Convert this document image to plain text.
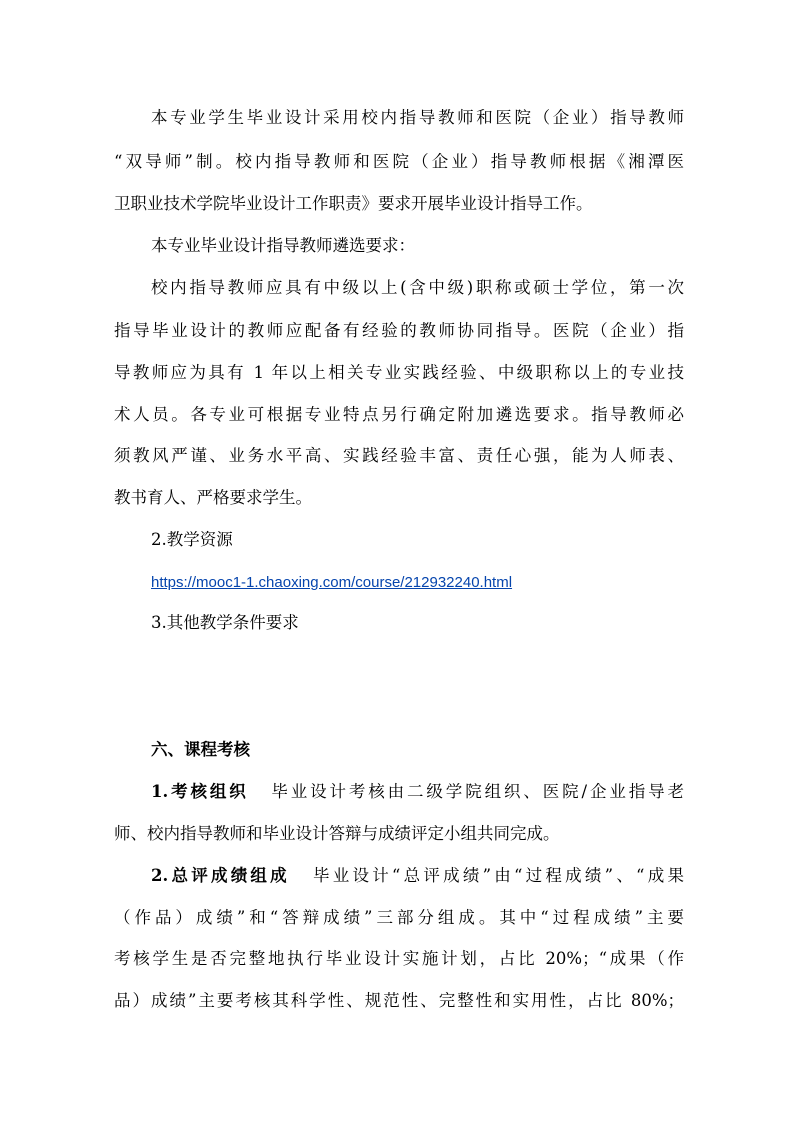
本专业学生毕业设计采用校内指导教师和医院（企业）指导教师
“双导师”制。校内指导教师和医院（企业）指导教师根据《湘潭医
卫职业技术学院毕业设计工作职责》要求开展毕业设计指导工作。
本专业毕业设计指导教师遴选要求：
校内指导教师应具有中级以上(含中级)职称或硕士学位，第一次
指导毕业设计的教师应配备有经验的教师协同指导。医院（企业）指
导教师应为具有 1 年以上相关专业实践经验、中级职称以上的专业技
术人员。各专业可根据专业特点另行确定附加遴选要求。指导教师必
须教风严谨、业务水平高、实践经验丰富、责任心强，能为人师表、
教书育人、严格要求学生。
2.教学资源
https://mooc1-1.chaoxing.com/course/212932240.html
3.其他教学条件要求
六、课程考核
1.考核组织 毕业设计考核由二级学院组织、医院/企业指导老
师、校内指导教师和毕业设计答辩与成绩评定小组共同完成。
2.总评成绩组成 毕业设计“总评成绩”由“过程成绩”、“成果
（作品）成绩”和“答辩成绩”三部分组成。其中“过程成绩”主要
考核学生是否完整地执行毕业设计实施计划，占比 20%；“成果（作
品）成绩”主要考核其科学性、规范性、完整性和实用性，占比 80%；
